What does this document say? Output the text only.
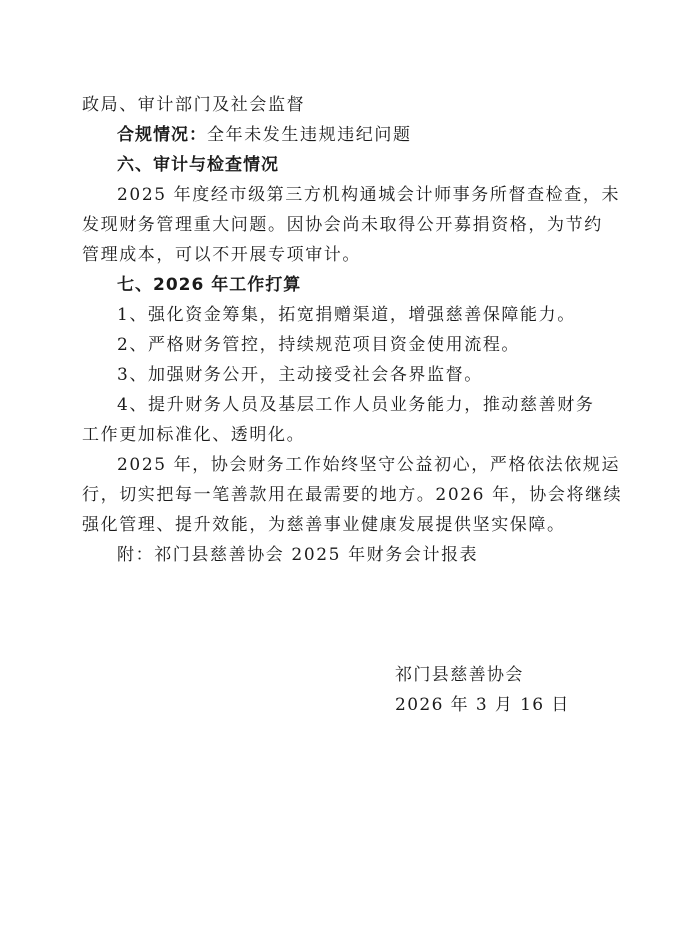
政局、审计部门及社会监督
合规情况：全年未发生违规违纪问题
六、审计与检查情况
2025 年度经市级第三方机构通城会计师事务所督查检查，未
发现财务管理重大问题。因协会尚未取得公开募捐资格，为节约
管理成本，可以不开展专项审计。
七、2026 年工作打算
1、强化资金筹集，拓宽捐赠渠道，增强慈善保障能力。
2、严格财务管控，持续规范项目资金使用流程。
3、加强财务公开，主动接受社会各界监督。
4、提升财务人员及基层工作人员业务能力，推动慈善财务
工作更加标准化、透明化。
2025 年，协会财务工作始终坚守公益初心，严格依法依规运
行，切实把每一笔善款用在最需要的地方。2026 年，协会将继续
强化管理、提升效能，为慈善事业健康发展提供坚实保障。
附：祁门县慈善协会 2025 年财务会计报表
祁门县慈善协会
2026 年 3 月 16 日
